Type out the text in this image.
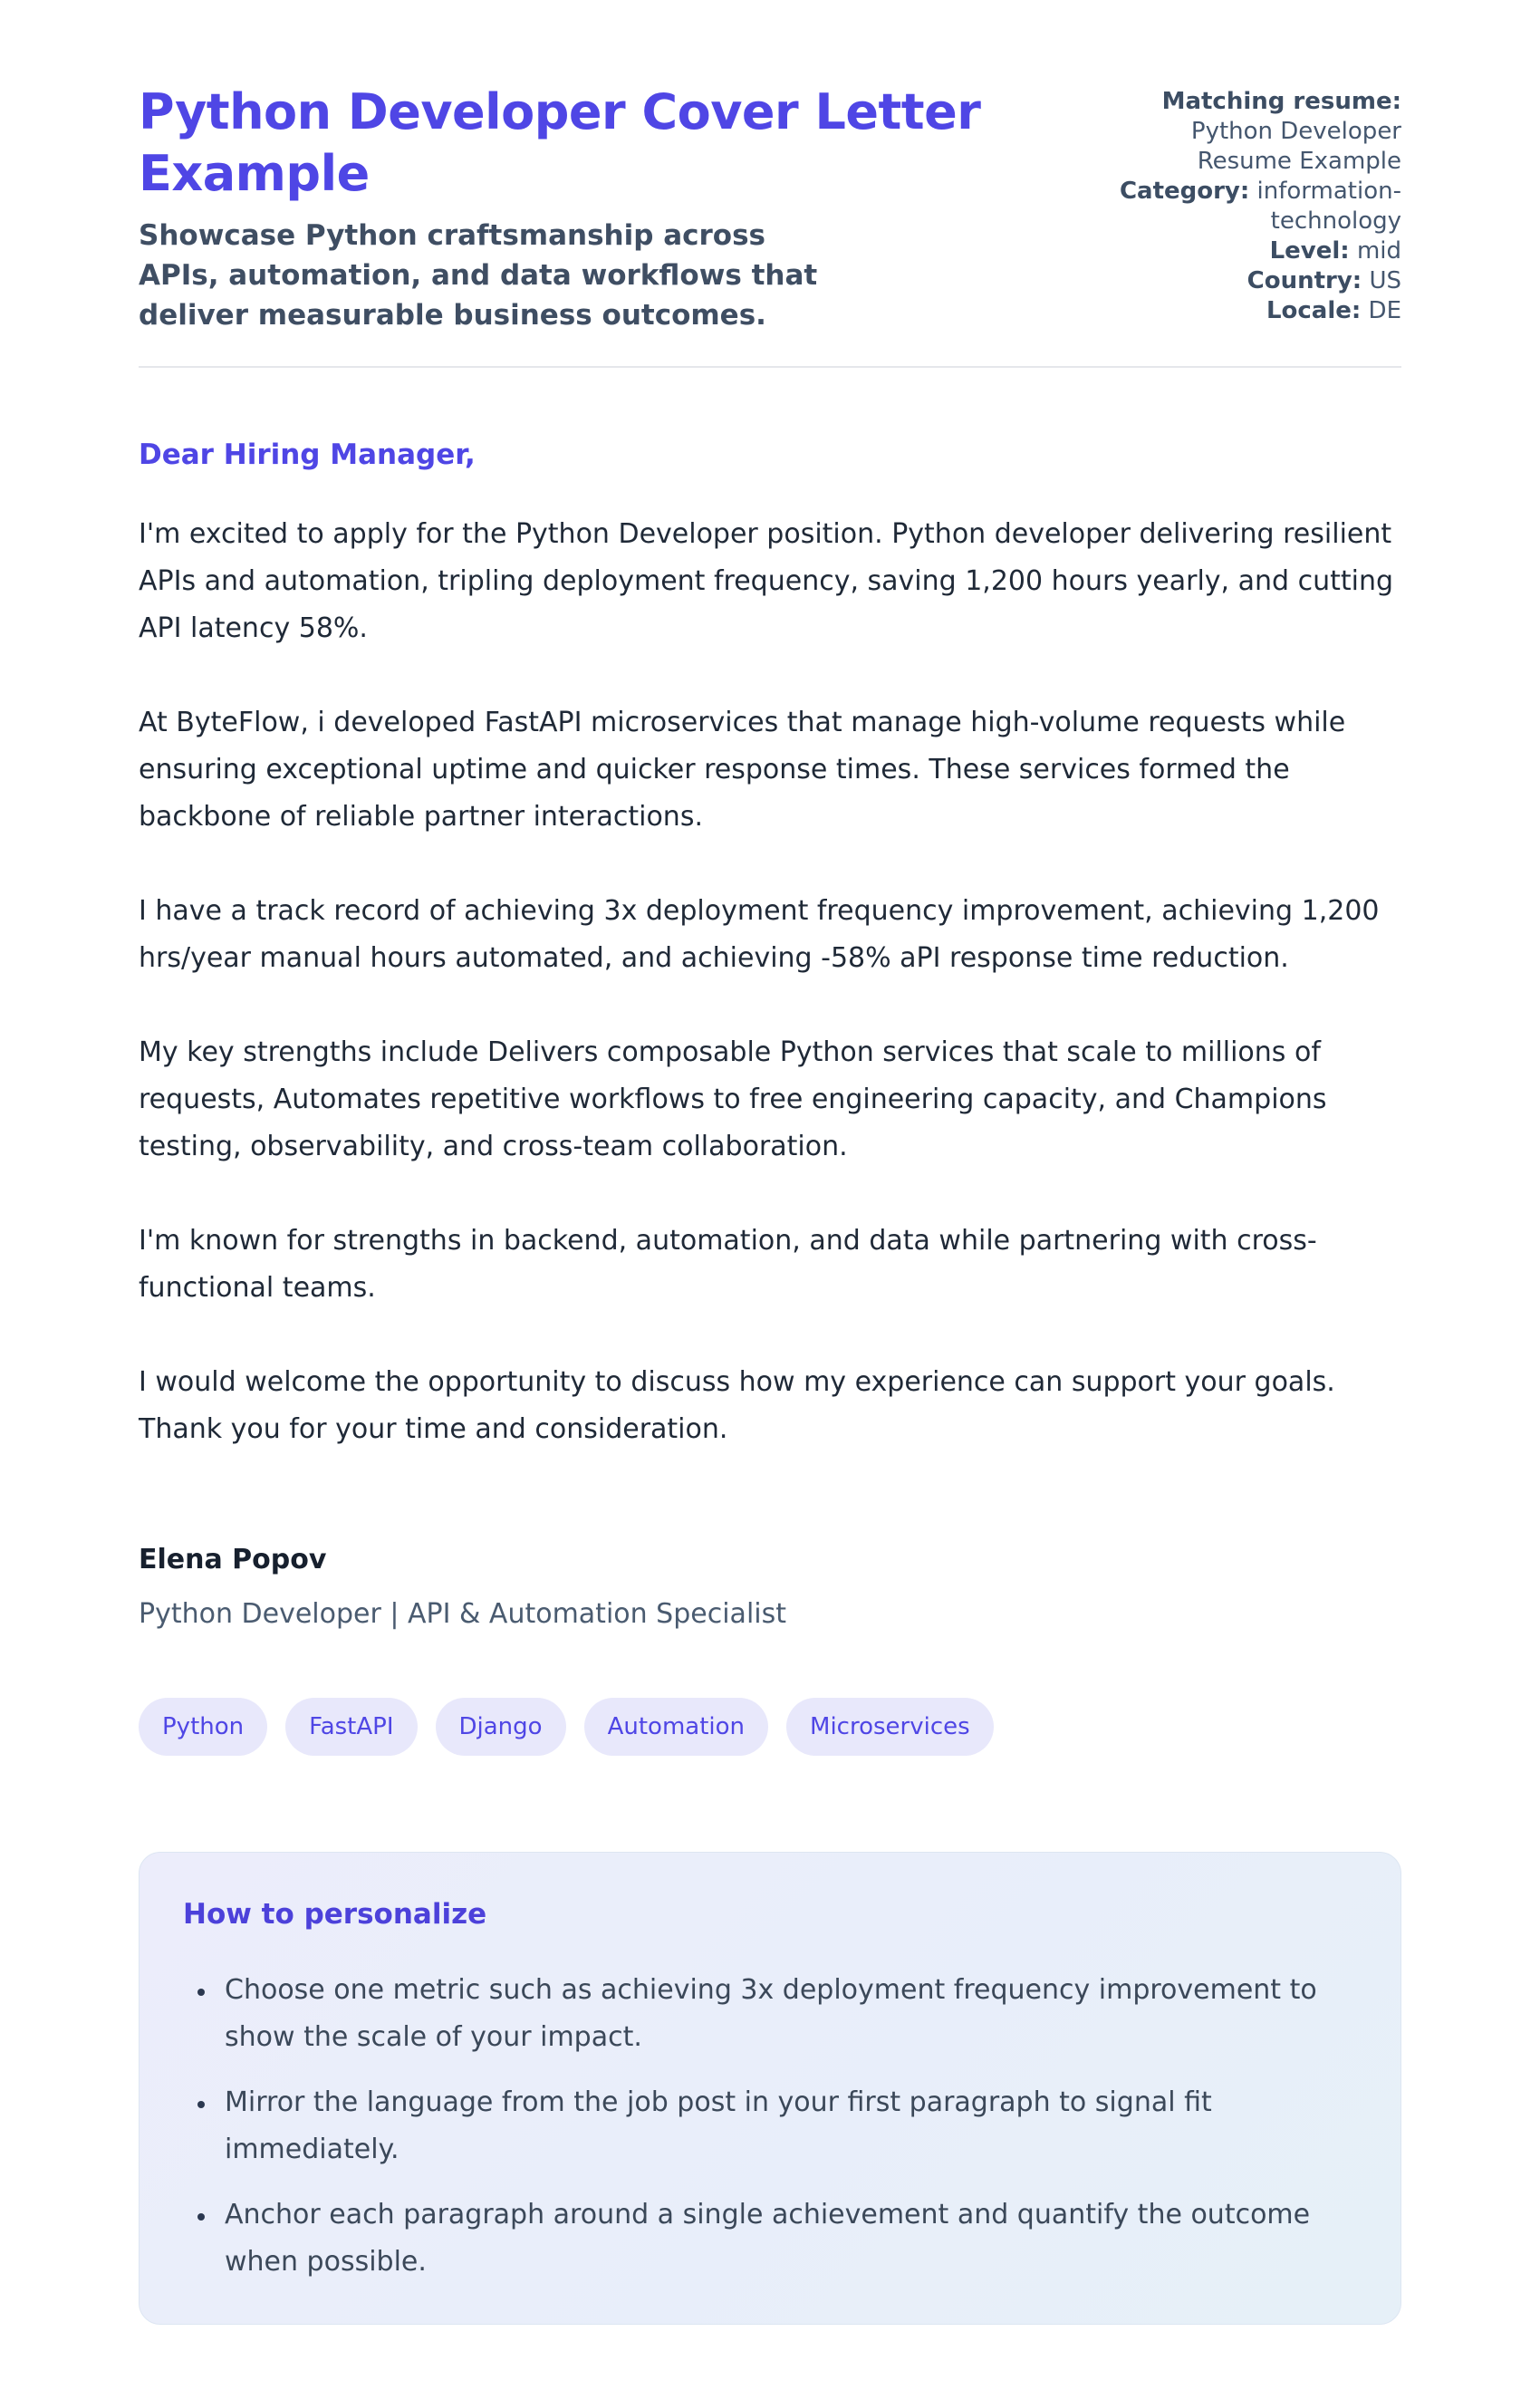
Python Developer Cover Letter Example

Showcase Python craftsmanship across APIs, automation, and data workflows that deliver measurable business outcomes.

Matching resume: Python Developer Resume Example
Category: information-technology
Level: mid
Country: US
Locale: DE
Dear Hiring Manager,

I'm excited to apply for the Python Developer position. Python developer delivering resilient APIs and automation, tripling deployment frequency, saving 1,200 hours yearly, and cutting API latency 58%.

At ByteFlow, i developed FastAPI microservices that manage high-volume requests while ensuring exceptional uptime and quicker response times. These services formed the backbone of reliable partner interactions.

I have a track record of achieving 3x deployment frequency improvement, achieving 1,200 hrs/year manual hours automated, and achieving -58% aPI response time reduction.

My key strengths include Delivers composable Python services that scale to millions of requests, Automates repetitive workflows to free engineering capacity, and Champions testing, observability, and cross-team collaboration.

I'm known for strengths in backend, automation, and data while partnering with cross-functional teams.

I would welcome the opportunity to discuss how my experience can support your goals. Thank you for your time and consideration.

Elena Popov

Python Developer | API & Automation Specialist

Python	FastAPI	Django	Automation	Microservices
How to personalize
• Choose one metric such as achieving 3x deployment frequency improvement to show the scale of your impact.
• Mirror the language from the job post in your first paragraph to signal fit immediately.
• Anchor each paragraph around a single achievement and quantify the outcome when possible.
